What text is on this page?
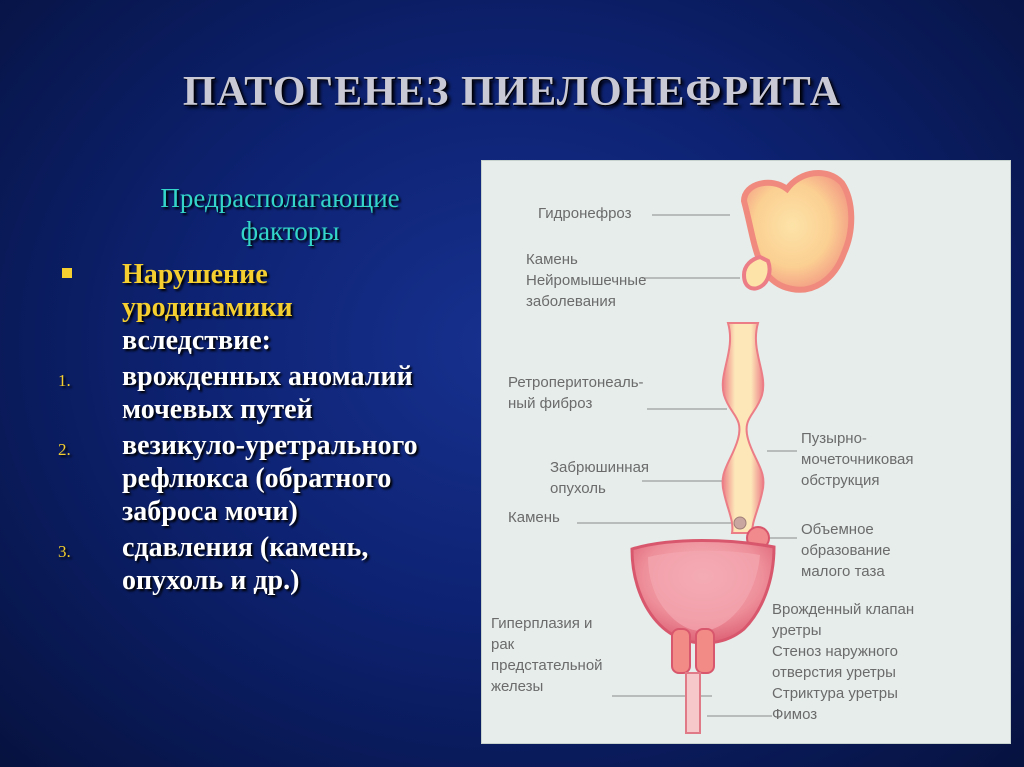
ПАТОГЕНЕЗ ПИЕЛОНЕФРИТА
Предрасполагающие
факторы
Нарушение
уродинамики
вследствие:
1. врожденных аномалий
мочевых путей
2. везикуло-уретрального
рефлюкса (обратного
заброса мочи)
3. сдавления (камень,
опухоль и др.)
Гидронефроз
Камень
Нейромышечные
заболевания
Ретроперитонеаль-
ный фиброз
Забрюшинная
опухоль
Камень
Гиперплазия и
рак
предстательной
железы
Пузырно-
мочеточниковая
обструкция
Объемное
образование
малого таза
Врожденный клапан
уретры
Стеноз наружного
отверстия уретры
Стриктура уретры
Фимоз
